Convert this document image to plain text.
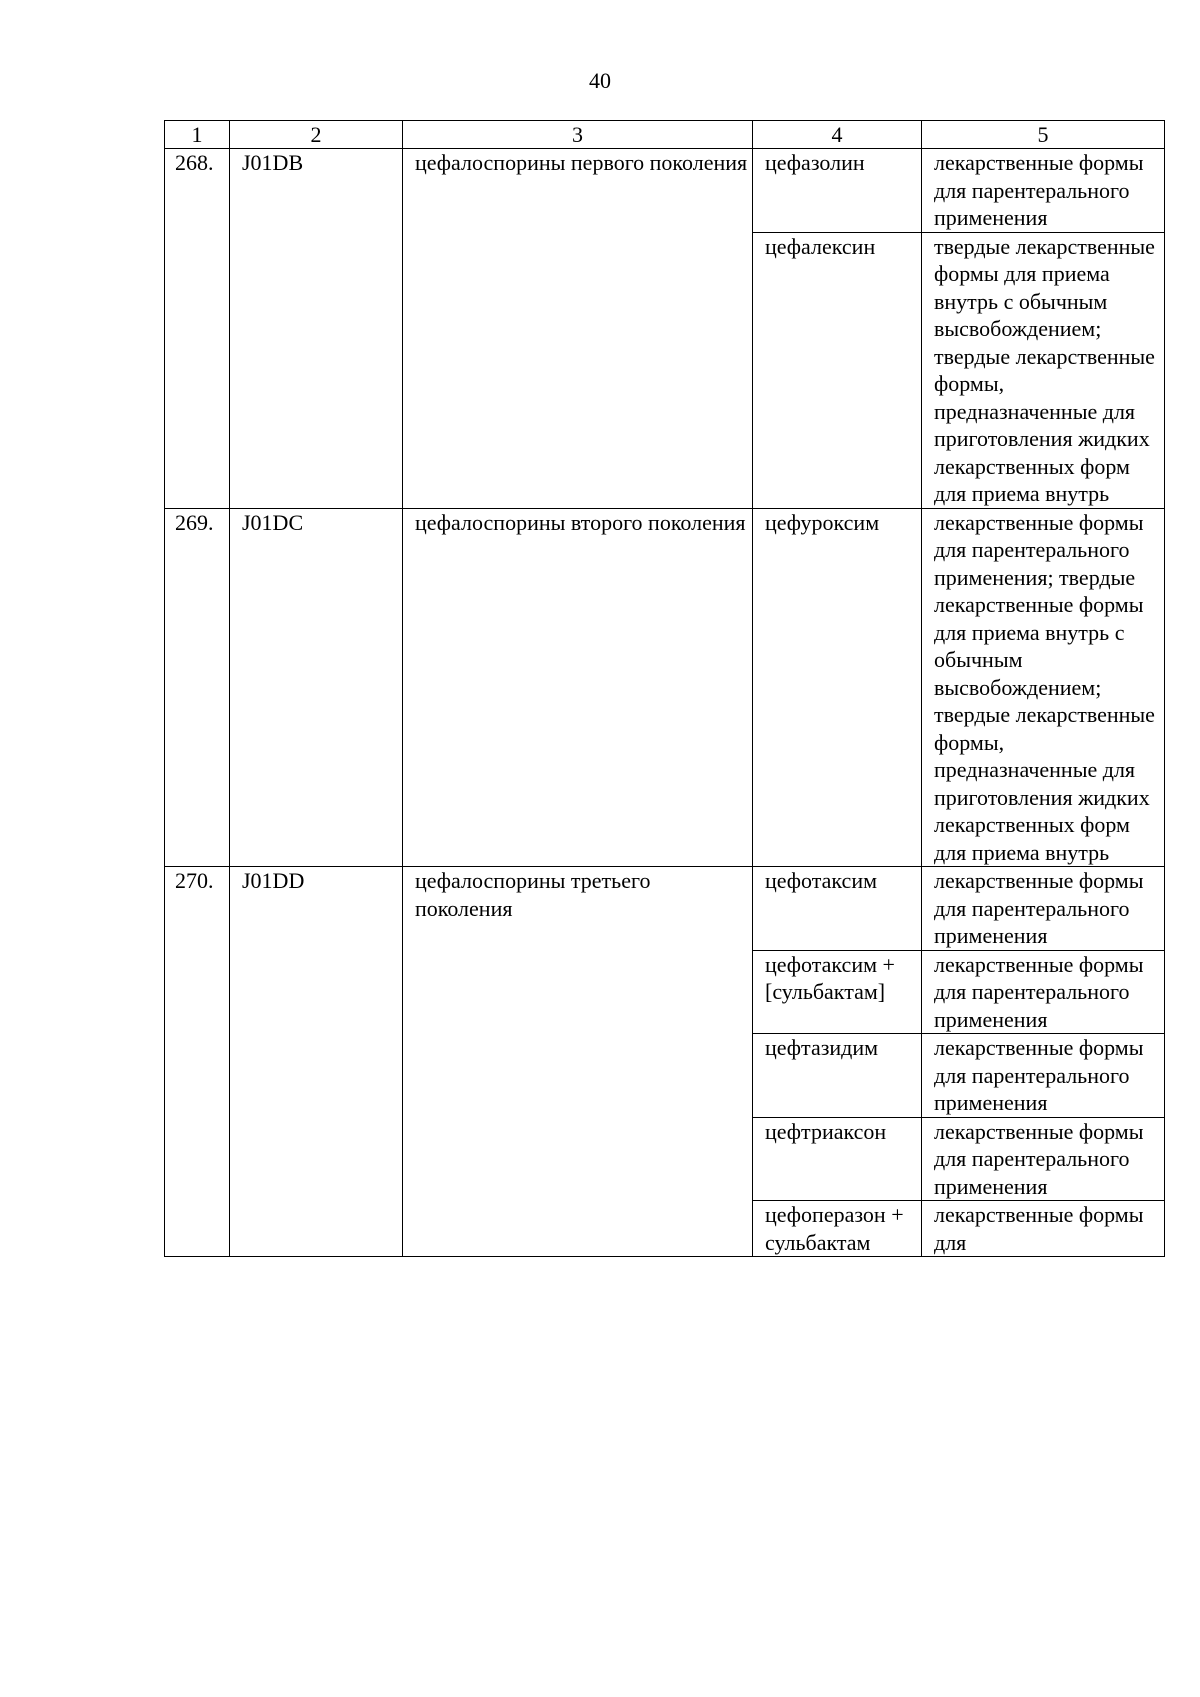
40
1	2	3	4	5
268.	J01DB	цефалоспорины первого поколения	цефазолин	лекарственные формы для парентерального применения
			цефалексин	твердые лекарственные формы для приема внутрь с обычным высвобождением; твердые лекарственные формы, предназначенные для приготовления жидких лекарственных форм для приема внутрь
269.	J01DC	цефалоспорины второго поколения	цефуроксим	лекарственные формы для парентерального применения; твердые лекарственные формы для приема внутрь с обычным высвобождением; твердые лекарственные формы, предназначенные для приготовления жидких лекарственных форм для приема внутрь
270.	J01DD	цефалоспорины третьего поколения	цефотаксим	лекарственные формы для парентерального применения
			цефотаксим + [сульбактам]	лекарственные формы для парентерального применения
			цефтазидим	лекарственные формы для парентерального применения
			цефтриаксон	лекарственные формы для парентерального применения
			цефоперазон + сульбактам	лекарственные формы для
